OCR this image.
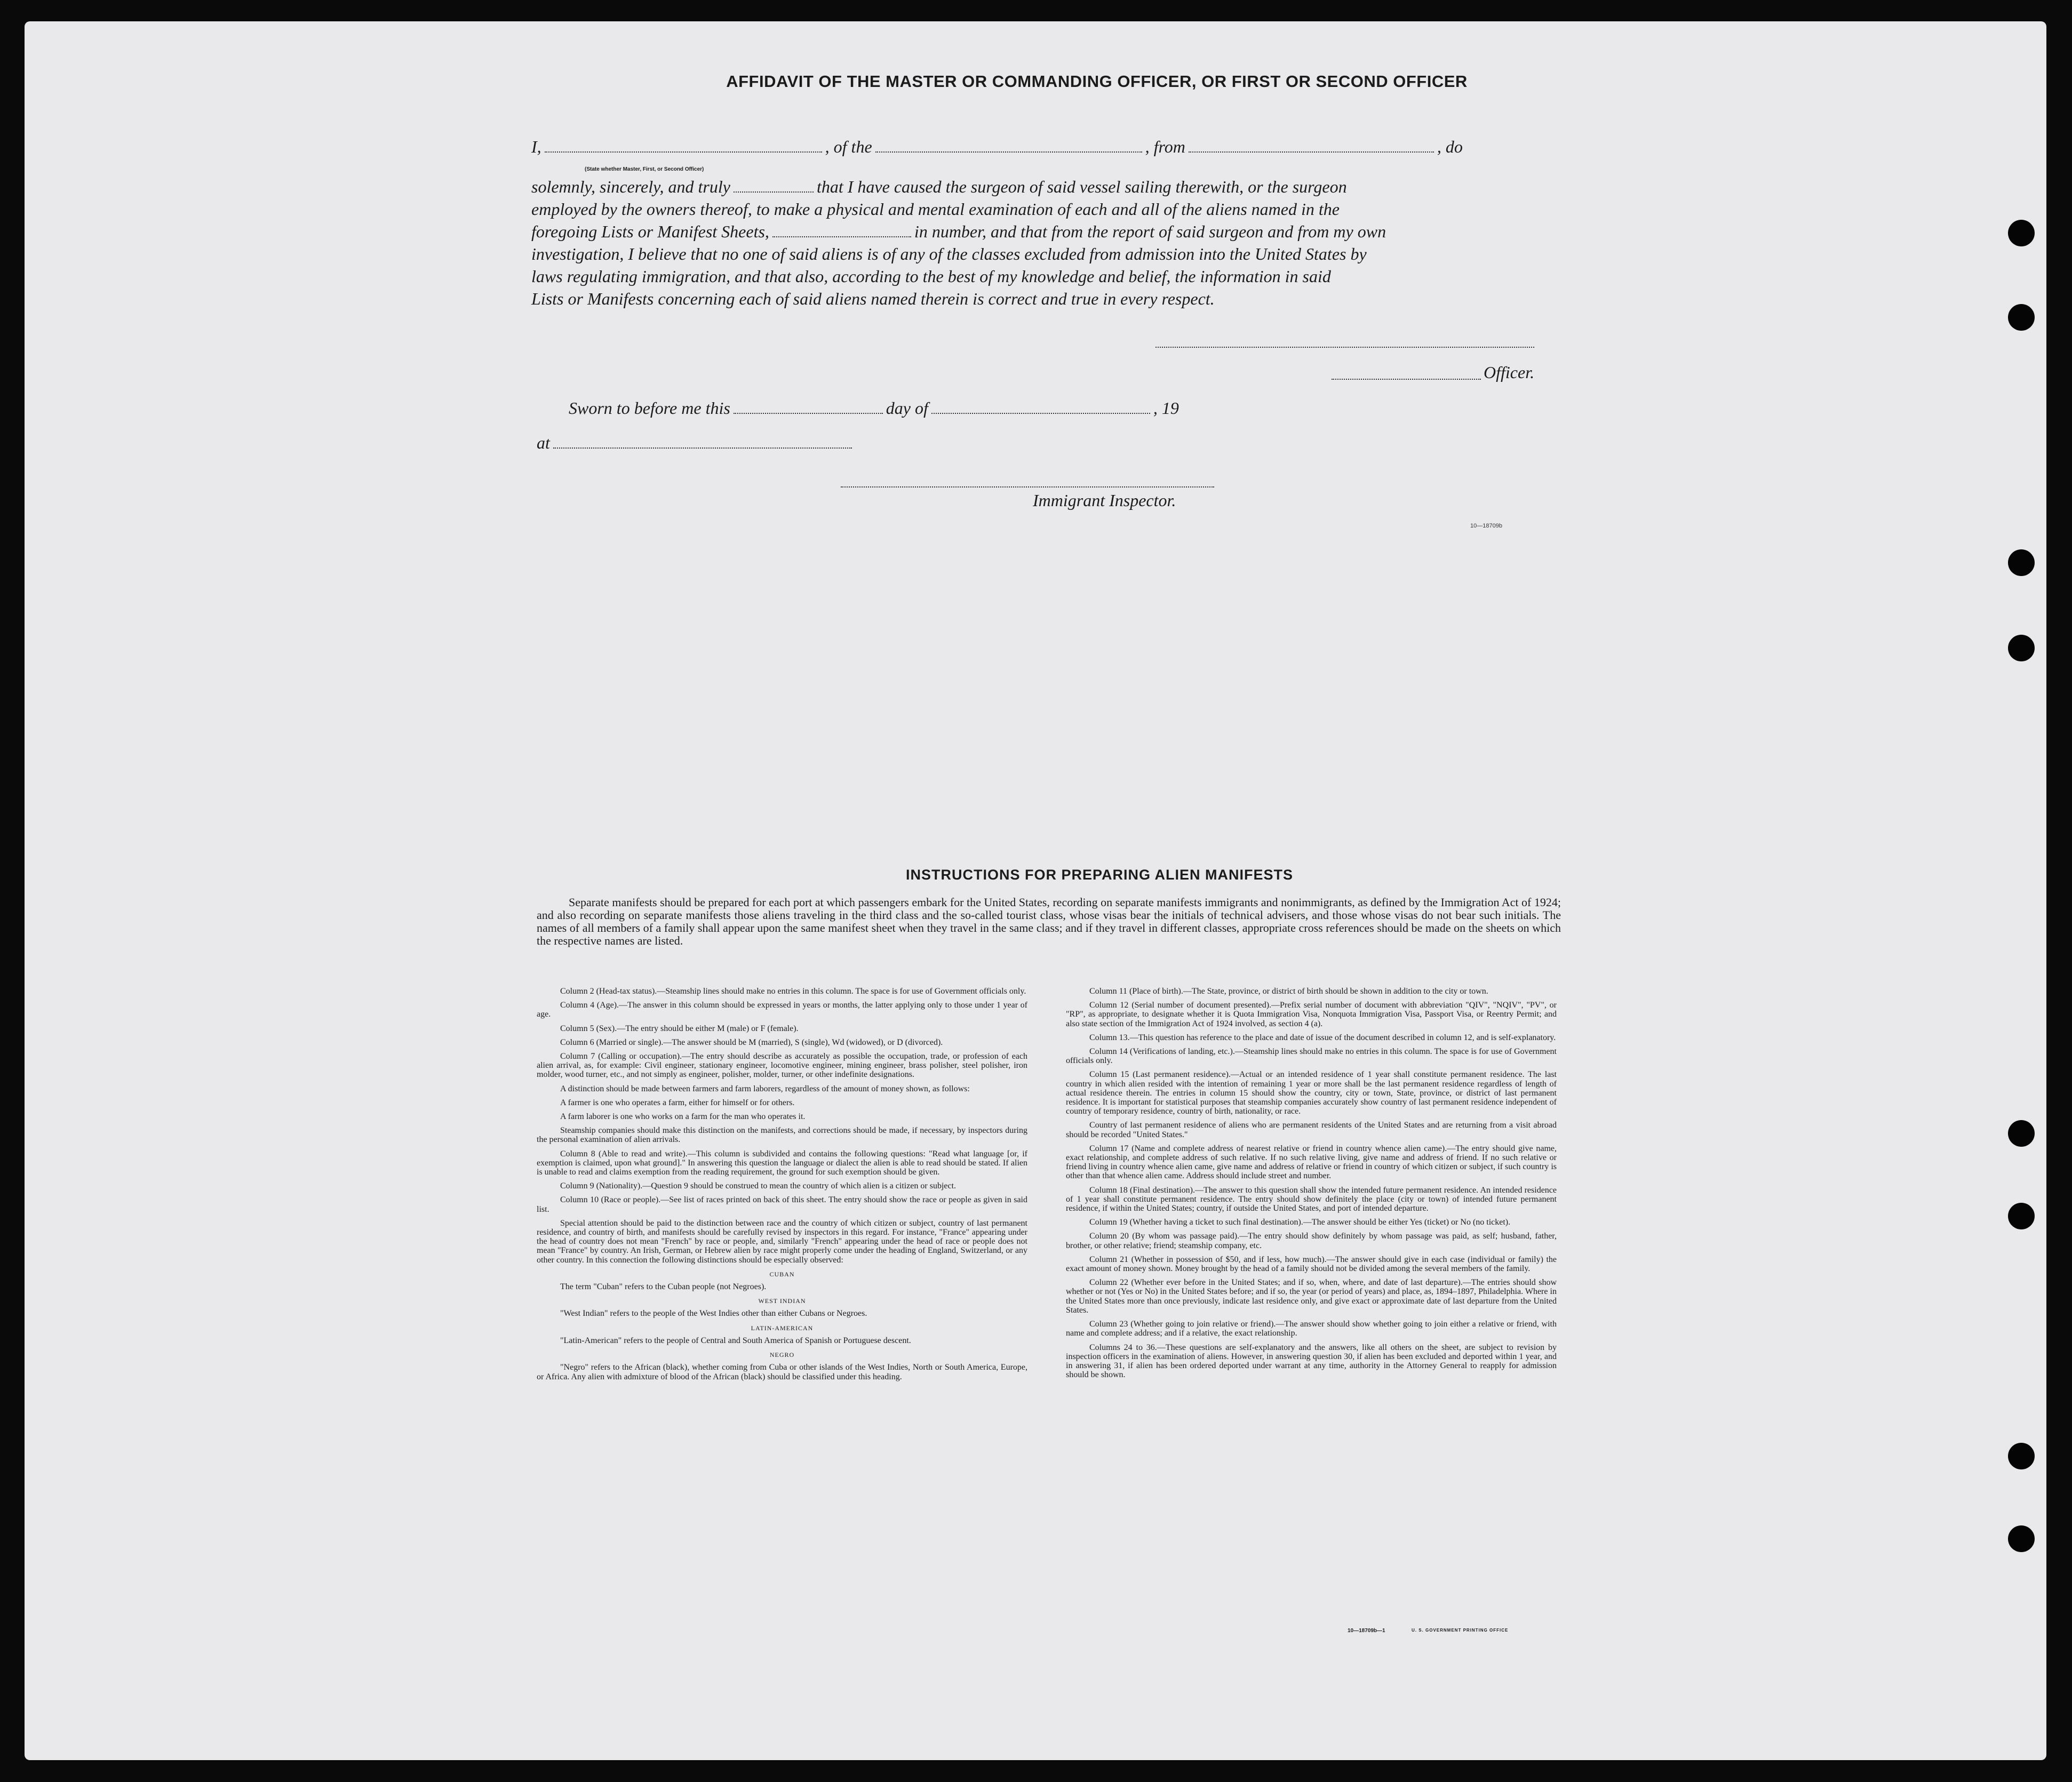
AFFIDAVIT OF THE MASTER OR COMMANDING OFFICER, OR FIRST OR SECOND OFFICER
I,	, of the	, from	, do
(State whether Master, First, or Second Officer)
solemnly, sincerely, and truly	that I have caused the surgeon of said vessel sailing therewith, or the surgeon
employed by the owners thereof, to make a physical and mental examination of each and all of the aliens named in the
foregoing Lists or Manifest Sheets,	in number, and that from the report of said surgeon and from my own
investigation, I believe that no one of said aliens is of any of the classes excluded from admission into the United States by
laws regulating immigration, and that also, according to the best of my knowledge and belief, the information in said
Lists or Manifests concerning each of said aliens named therein is correct and true in every respect.
Officer.
Sworn to before me this	day of	, 19
at
Immigrant Inspector.
10—18709b
INSTRUCTIONS FOR PREPARING ALIEN MANIFESTS
Separate manifests should be prepared for each port at which passengers embark for the United States, recording on separate manifests immigrants and nonimmigrants, as defined by the Immigration Act of 1924; and also recording on separate manifests those aliens traveling in the third class and the so-called tourist class, whose visas bear the initials of technical advisers, and those whose visas do not bear such initials. The names of all members of a family shall appear upon the same manifest sheet when they travel in the same class; and if they travel in different classes, appropriate cross references should be made on the sheets on which the respective names are listed.

Column 2 (Head-tax status).—Steamship lines should make no entries in this column. The space is for use of Government officials only.

Column 4 (Age).—The answer in this column should be expressed in years or months, the latter applying only to those under 1 year of age.

Column 5 (Sex).—The entry should be either M (male) or F (female).

Column 6 (Married or single).—The answer should be M (married), S (single), Wd (widowed), or D (divorced).

Column 7 (Calling or occupation).—The entry should describe as accurately as possible the occupation, trade, or profession of each alien arrival, as, for example: Civil engineer, stationary engineer, locomotive engineer, mining engineer, brass polisher, steel polisher, iron molder, wood turner, etc., and not simply as engineer, polisher, molder, turner, or other indefinite designations.

A distinction should be made between farmers and farm laborers, regardless of the amount of money shown, as follows:

A farmer is one who operates a farm, either for himself or for others.

A farm laborer is one who works on a farm for the man who operates it.

Steamship companies should make this distinction on the manifests, and corrections should be made, if necessary, by inspectors during the personal examination of alien arrivals.

Column 8 (Able to read and write).—This column is subdivided and contains the following questions: "Read what language [or, if exemption is claimed, upon what ground]." In answering this question the language or dialect the alien is able to read should be stated. If alien is unable to read and claims exemption from the reading requirement, the ground for such exemption should be given.

Column 9 (Nationality).—Question 9 should be construed to mean the country of which alien is a citizen or subject.

Column 10 (Race or people).—See list of races printed on back of this sheet. The entry should show the race or people as given in said list.

Special attention should be paid to the distinction between race and the country of which citizen or subject, country of last permanent residence, and country of birth, and manifests should be carefully revised by inspectors in this regard. For instance, "France" appearing under the head of country does not mean "French" by race or people, and, similarly "French" appearing under the head of race or people does not mean "France" by country. An Irish, German, or Hebrew alien by race might properly come under the heading of England, Switzerland, or any other country. In this connection the following distinctions should be especially observed:

CUBAN

The term "Cuban" refers to the Cuban people (not Negroes).

WEST INDIAN

"West Indian" refers to the people of the West Indies other than either Cubans or Negroes.

LATIN-AMERICAN

"Latin-American" refers to the people of Central and South America of Spanish or Portuguese descent.

NEGRO

"Negro" refers to the African (black), whether coming from Cuba or other islands of the West Indies, North or South America, Europe, or Africa. Any alien with admixture of blood of the African (black) should be classified under this heading.

Column 11 (Place of birth).—The State, province, or district of birth should be shown in addition to the city or town.

Column 12 (Serial number of document presented).—Prefix serial number of document with abbreviation "QIV", "NQIV", "PV", or "RP", as appropriate, to designate whether it is Quota Immigration Visa, Nonquota Immigration Visa, Passport Visa, or Reentry Permit; and also state section of the Immigration Act of 1924 involved, as section 4 (a).

Column 13.—This question has reference to the place and date of issue of the document described in column 12, and is self-explanatory.

Column 14 (Verifications of landing, etc.).—Steamship lines should make no entries in this column. The space is for use of Government officials only.

Column 15 (Last permanent residence).—Actual or an intended residence of 1 year shall constitute permanent residence. The last country in which alien resided with the intention of remaining 1 year or more shall be the last permanent residence regardless of length of actual residence therein. The entries in column 15 should show the country, city or town, State, province, or district of last permanent residence. It is important for statistical purposes that steamship companies accurately show country of last permanent residence independent of country of temporary residence, country of birth, nationality, or race.

Country of last permanent residence of aliens who are permanent residents of the United States and are returning from a visit abroad should be recorded "United States."

Column 17 (Name and complete address of nearest relative or friend in country whence alien came).—The entry should give name, exact relationship, and complete address of such relative. If no such relative living, give name and address of friend. If no such relative or friend living in country whence alien came, give name and address of relative or friend in country of which citizen or subject, if such country is other than that whence alien came. Address should include street and number.

Column 18 (Final destination).—The answer to this question shall show the intended future permanent residence. An intended residence of 1 year shall constitute permanent residence. The entry should show definitely the place (city or town) of intended future permanent residence, if within the United States; country, if outside the United States, and port of intended departure.

Column 19 (Whether having a ticket to such final destination).—The answer should be either Yes (ticket) or No (no ticket).

Column 20 (By whom was passage paid).—The entry should show definitely by whom passage was paid, as self; husband, father, brother, or other relative; friend; steamship company, etc.

Column 21 (Whether in possession of $50, and if less, how much).—The answer should give in each case (individual or family) the exact amount of money shown. Money brought by the head of a family should not be divided among the several members of the family.

Column 22 (Whether ever before in the United States; and if so, when, where, and date of last departure).—The entries should show whether or not (Yes or No) in the United States before; and if so, the year (or period of years) and place, as, 1894–1897, Philadelphia. Where in the United States more than once previously, indicate last residence only, and give exact or approximate date of last departure from the United States.

Column 23 (Whether going to join relative or friend).—The answer should show whether going to join either a relative or friend, with name and complete address; and if a relative, the exact relationship.

Columns 24 to 36.—These questions are self-explanatory and the answers, like all others on the sheet, are subject to revision by inspection officers in the examination of aliens. However, in answering question 30, if alien has been excluded and deported within 1 year, and in answering 31, if alien has been ordered deported under warrant at any time, authority in the Attorney General to reapply for admission should be shown.

10—18709b—1	U. S. GOVERNMENT PRINTING OFFICE
